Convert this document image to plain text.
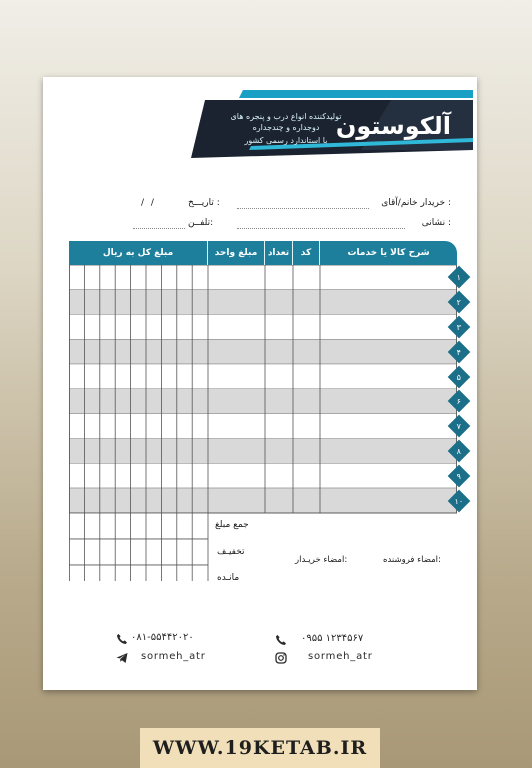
آلکوستون
تولیدکننده انواع درب و پنجره های
دوجداره و چندجداره
با استاندارد رسمی کشور
خریدار خانم/آقای :
تاریـــخ :
/ /
نشانی :
تلفــن:
مبلغ کل به ریال	مبلغ واحد	تعداد	کد	شرح کالا یا خدمات
۱
۲
۳
۴
۵
۶
۷
۸
۹
۱۰
جمع مبلغ
تخفیـف
مانـده
امضاء فروشنده:
امضاء خریـدار:
۰۸۱-۵۵۴۴۲۰۲۰	۰۹۵۵ ۱۲۳۴۵۶۷
sormeh_atr	sormeh_atr
WWW.19KETAB.IR
